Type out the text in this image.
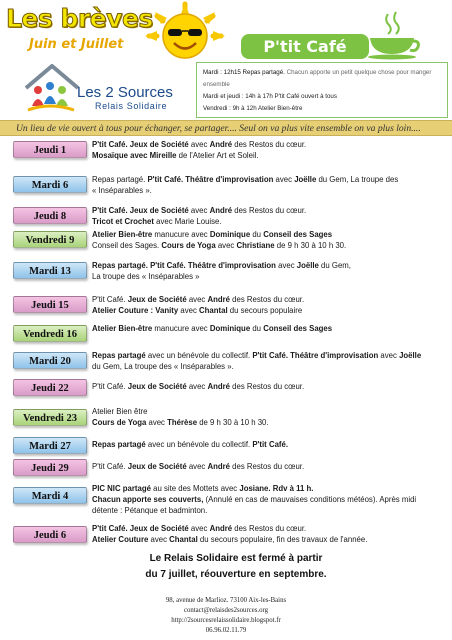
Les brèves
Juin et Juillet	P'tit Café
Les 2 Sources
Relais Solidaire
Mardi : 12h15 Repas partagé. Chacun apporte un petit quelque chose pour manger ensemble
Mardi et jeudi : 14h à 17h P'tit Café ouvert à tous
Vendredi : 9h à 12h Atelier Bien-être
Un lieu de vie ouvert à tous pour échanger, se partager.... Seul on va plus vite ensemble on va plus loin....
Jeudi 1
P'tit Café. Jeux de Société avec André des Restos du cœur.
Mosaïque avec Mireille de l'Atelier Art et Soleil.
Mardi 6
Repas partagé. P'tit Café. Théâtre d'improvisation avec Joëlle du Gem, La troupe des
« Inséparables ».
Jeudi 8
P'tit Café. Jeux de Société avec André des Restos du cœur.
Tricot et Crochet avec Marie Louise.
Vendredi 9
Atelier Bien-être manucure avec Dominique du Conseil des Sages
Conseil des Sages. Cours de Yoga avec Christiane de 9 h 30 à 10 h 30.
Mardi 13
Repas partagé. P'tit Café. Théâtre d'improvisation avec Joëlle du Gem,
La troupe des « Inséparables »
Jeudi 15
P'tit Café. Jeux de Société avec André des Restos du cœur.
Atelier Couture : Vanity avec Chantal du secours populaire
Vendredi 16
Atelier Bien-être manucure avec Dominique du Conseil des Sages
Mardi 20
Repas partagé avec un bénévole du collectif. P'tit Café. Théâtre d'improvisation avec Joëlle
du Gem, La troupe des « Inséparables ».
Jeudi 22	P'tit Café. Jeux de Société avec André des Restos du cœur.
Vendredi 23
Atelier Bien être
Cours de Yoga avec Thérèse de 9 h 30 à 10 h 30.
Mardi 27	Repas partagé avec un bénévole du collectif. P'tit Café.
Jeudi 29	P'tit Café. Jeux de Société avec André des Restos du cœur.
Mardi 4
PIC NIC partagé au site des Mottets avec Josiane. Rdv à 11 h.
Chacun apporte ses couverts, (Annulé en cas de mauvaises conditions météos). Après midi
détente : Pétanque et badminton.
Jeudi 6
P'tit Café. Jeux de Société avec André des Restos du cœur.
Atelier Couture avec Chantal du secours populaire, fin des travaux de l'année.
Le Relais Solidaire est fermé à partir
du 7 juillet, réouverture en septembre.
98, avenue de Marlioz. 73100 Aix-les-Bains
contact@relaisdes2sources.org
http://2sourcesrelaissolidaire.blogspot.fr
06.96.02.11.79
